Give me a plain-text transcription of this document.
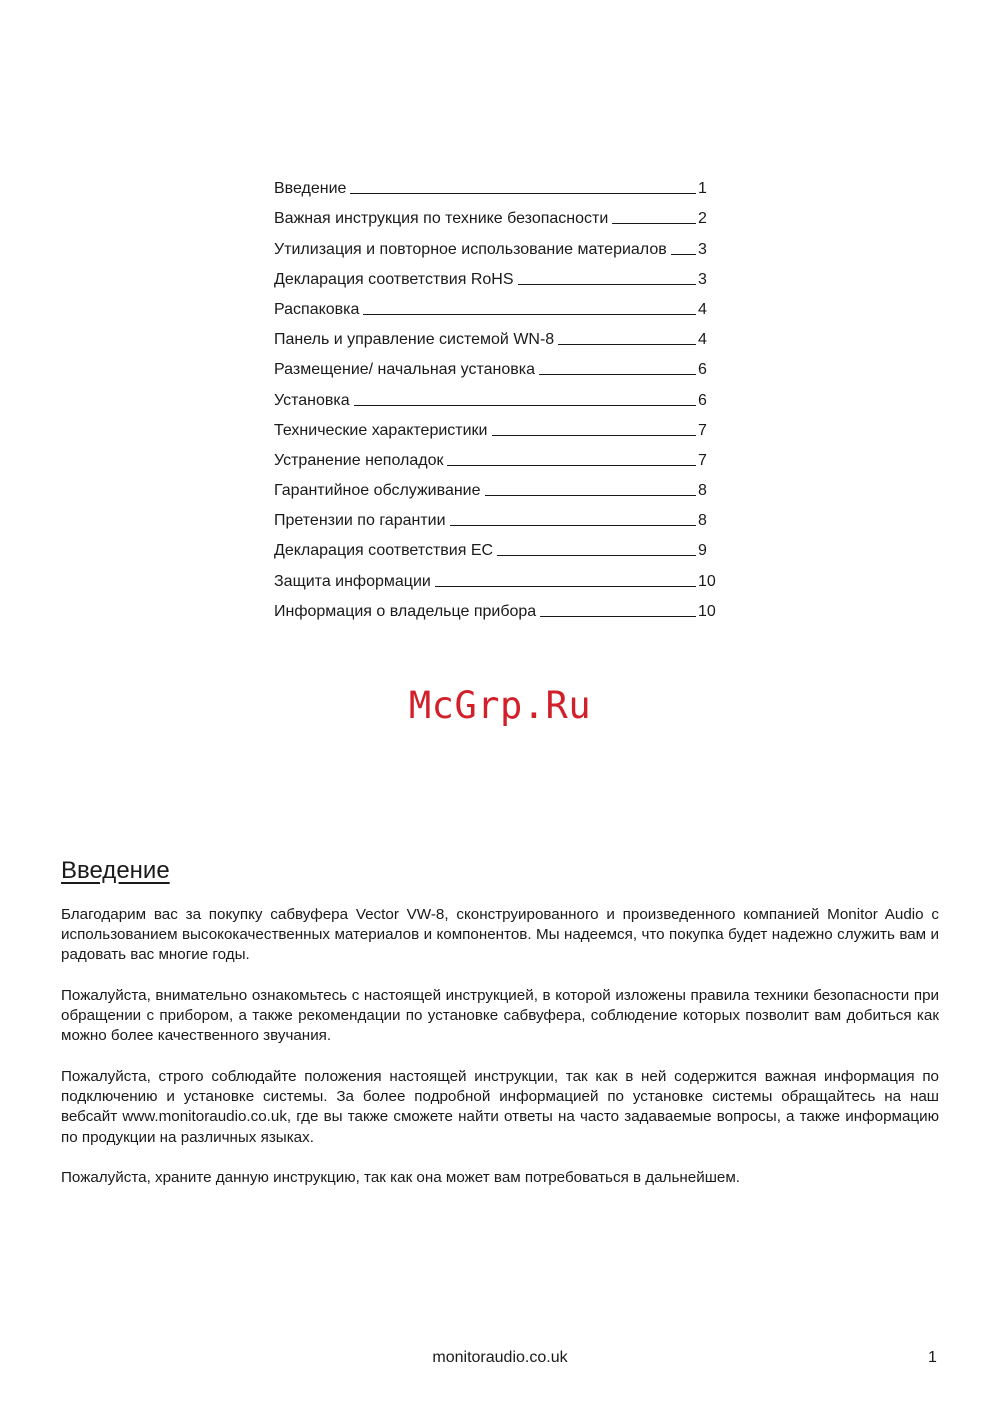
Введение	1
Важная инструкция по технике безопасности	2
Утилизация и повторное использование материалов 3
Декларация соответствия RoHS	3
Распаковка	4
Панель и управление системой WN-8	4
Размещение/ начальная установка	6
Установка	6
Технические характеристики	7
Устранение неполадок	7
Гарантийное обслуживание	8
Претензии по гарантии	8
Декларация соответствия ЕС	9
Защита информации	10
Информация о владельце прибора	10
McGrp.Ru
Введение

Благодарим вас за покупку сабвуфера Vector VW-8, сконструированного и произведенного компанией Monitor Audio с использованием высококачественных материалов и компонентов. Мы надеемся, что покупка будет надежно служить вам и радовать вас многие годы.

Пожалуйста, внимательно ознакомьтесь с настоящей инструкцией, в которой изложены правила техники безопасности при обращении с прибором, а также рекомендации по установке сабвуфера, соблюдение которых позволит вам добиться как можно более качественного звучания.

Пожалуйста, строго соблюдайте положения настоящей инструкции, так как в ней содержится важная информация по подключению и установке системы. За более подробной информацией по установке системы обращайтесь на наш вебсайт www.monitoraudio.co.uk, где вы также сможете найти ответы на часто задаваемые вопросы, а также информацию по продукции на различных языках.

Пожалуйста, храните данную инструкцию, так как она может вам потребоваться в дальнейшем.

monitoraudio.co.uk	1
